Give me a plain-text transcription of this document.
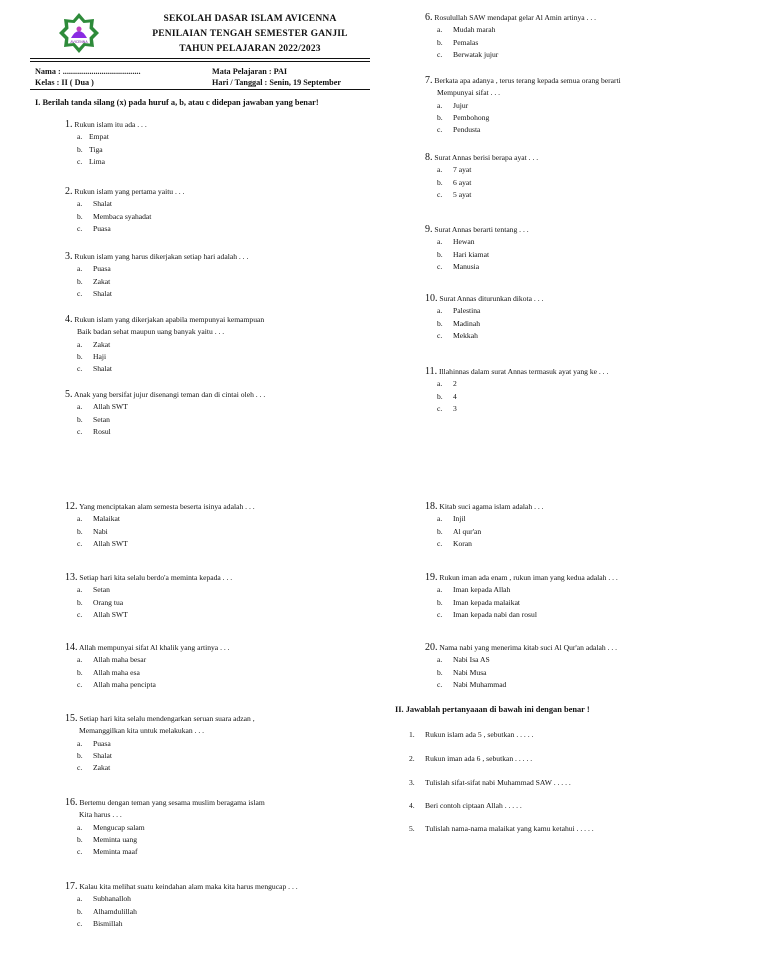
AVICENNA
SEKOLAH DASAR ISLAM AVICENNA
PENILAIAN TENGAH SEMESTER GANJIL
TAHUN PELAJARAN 2022/2023
Nama : ......................................
Kelas : II ( Dua )
Mata Pelajaran : PAI
Hari / Tanggal : Senin, 19 September
I. Berilah tanda silang (x) pada huruf a, b, atau c didepan jawaban yang benar!
1. Rukun islam itu ada . . .
a. Empat
b. Tiga
c. Lima
2. Rukun islam yang pertama yaitu . . .
a. Shalat
b. Membaca syahadat
c. Puasa
3. Rukun islam yang harus dikerjakan setiap hari adalah . . .
a. Puasa
b. Zakat
c. Shalat
4. Rukun islam yang dikerjakan apabila mempunyai kemampuan
Baik badan sehat maupun uang banyak yaitu . . .
a. Zakat
b. Haji
c. Shalat
5. Anak yang bersifat jujur disenangi teman dan di cintai oleh . . .
a. Allah SWT
b. Setan
c. Rosul
6. Rosulullah SAW mendapat gelar Al Amin artinya . . .
a. Mudah marah
b. Pemalas
c. Berwatak jujur
7. Berkata apa adanya , terus terang kepada semua orang berarti
Mempunyai sifat . . .
a. Jujur
b. Pembohong
c. Pendusta
8. Surat Annas berisi berapa ayat . . .
a. 7 ayat
b. 6 ayat
c. 5 ayat
9. Surat Annas berarti tentang . . .
a. Hewan
b. Hari kiamat
c. Manusia
10. Surat Annas diturunkan dikota . . .
a. Palestina
b. Madinah
c. Mekkah
11. Illahinnas dalam surat Annas termasuk ayat yang ke . . .
a. 2
b. 4
c. 3
12. Yang menciptakan alam semesta beserta isinya adalah . . .
a. Malaikat
b. Nabi
c. Allah SWT
13. Setiap hari kita selalu berdo'a meminta kepada . . .
a. Setan
b. Orang tua
c. Allah SWT
14. Allah mempunyai sifat Al khalik yang artinya . . .
a. Allah maha besar
b. Allah maha esa
c. Allah maha pencipta
15. Setiap hari kita selalu mendengarkan seruan suara adzan ,
Memanggilkan kita untuk melakukan . . .
a. Puasa
b. Shalat
c. Zakat
16. Bertemu dengan teman yang sesama muslim beragama islam
Kita harus . . .
a. Mengucap salam
b. Meminta uang
c. Meminta maaf
17. Kalau kita melihat suatu keindahan alam maka kita harus mengucap . . .
a. Subhanalloh
b. Alhamdulillah
c. Bismillah
18. Kitab suci agama islam adalah . . .
a. Injil
b. Al qur'an
c. Koran
19. Rukun iman ada enam , rukun iman yang kedua adalah . . .
a. Iman kepada Allah
b. Iman kepada malaikat
c. Iman kepada nabi dan rosul
20. Nama nabi yang menerima kitab suci Al Qur'an adalah . . .
a. Nabi Isa AS
b. Nabi Musa
c. Nabi Muhammad
II. Jawablah pertanyaaan di bawah ini dengan benar !
1. Rukun islam ada 5 , sebutkan . . . . .
2. Rukun iman ada 6 , sebutkan . . . . .
3. Tulislah sifat-sifat nabi Muhammad SAW . . . . .
4. Beri contoh ciptaan Allah . . . . .
5. Tulislah nama-nama malaikat yang kamu ketahui . . . . .
